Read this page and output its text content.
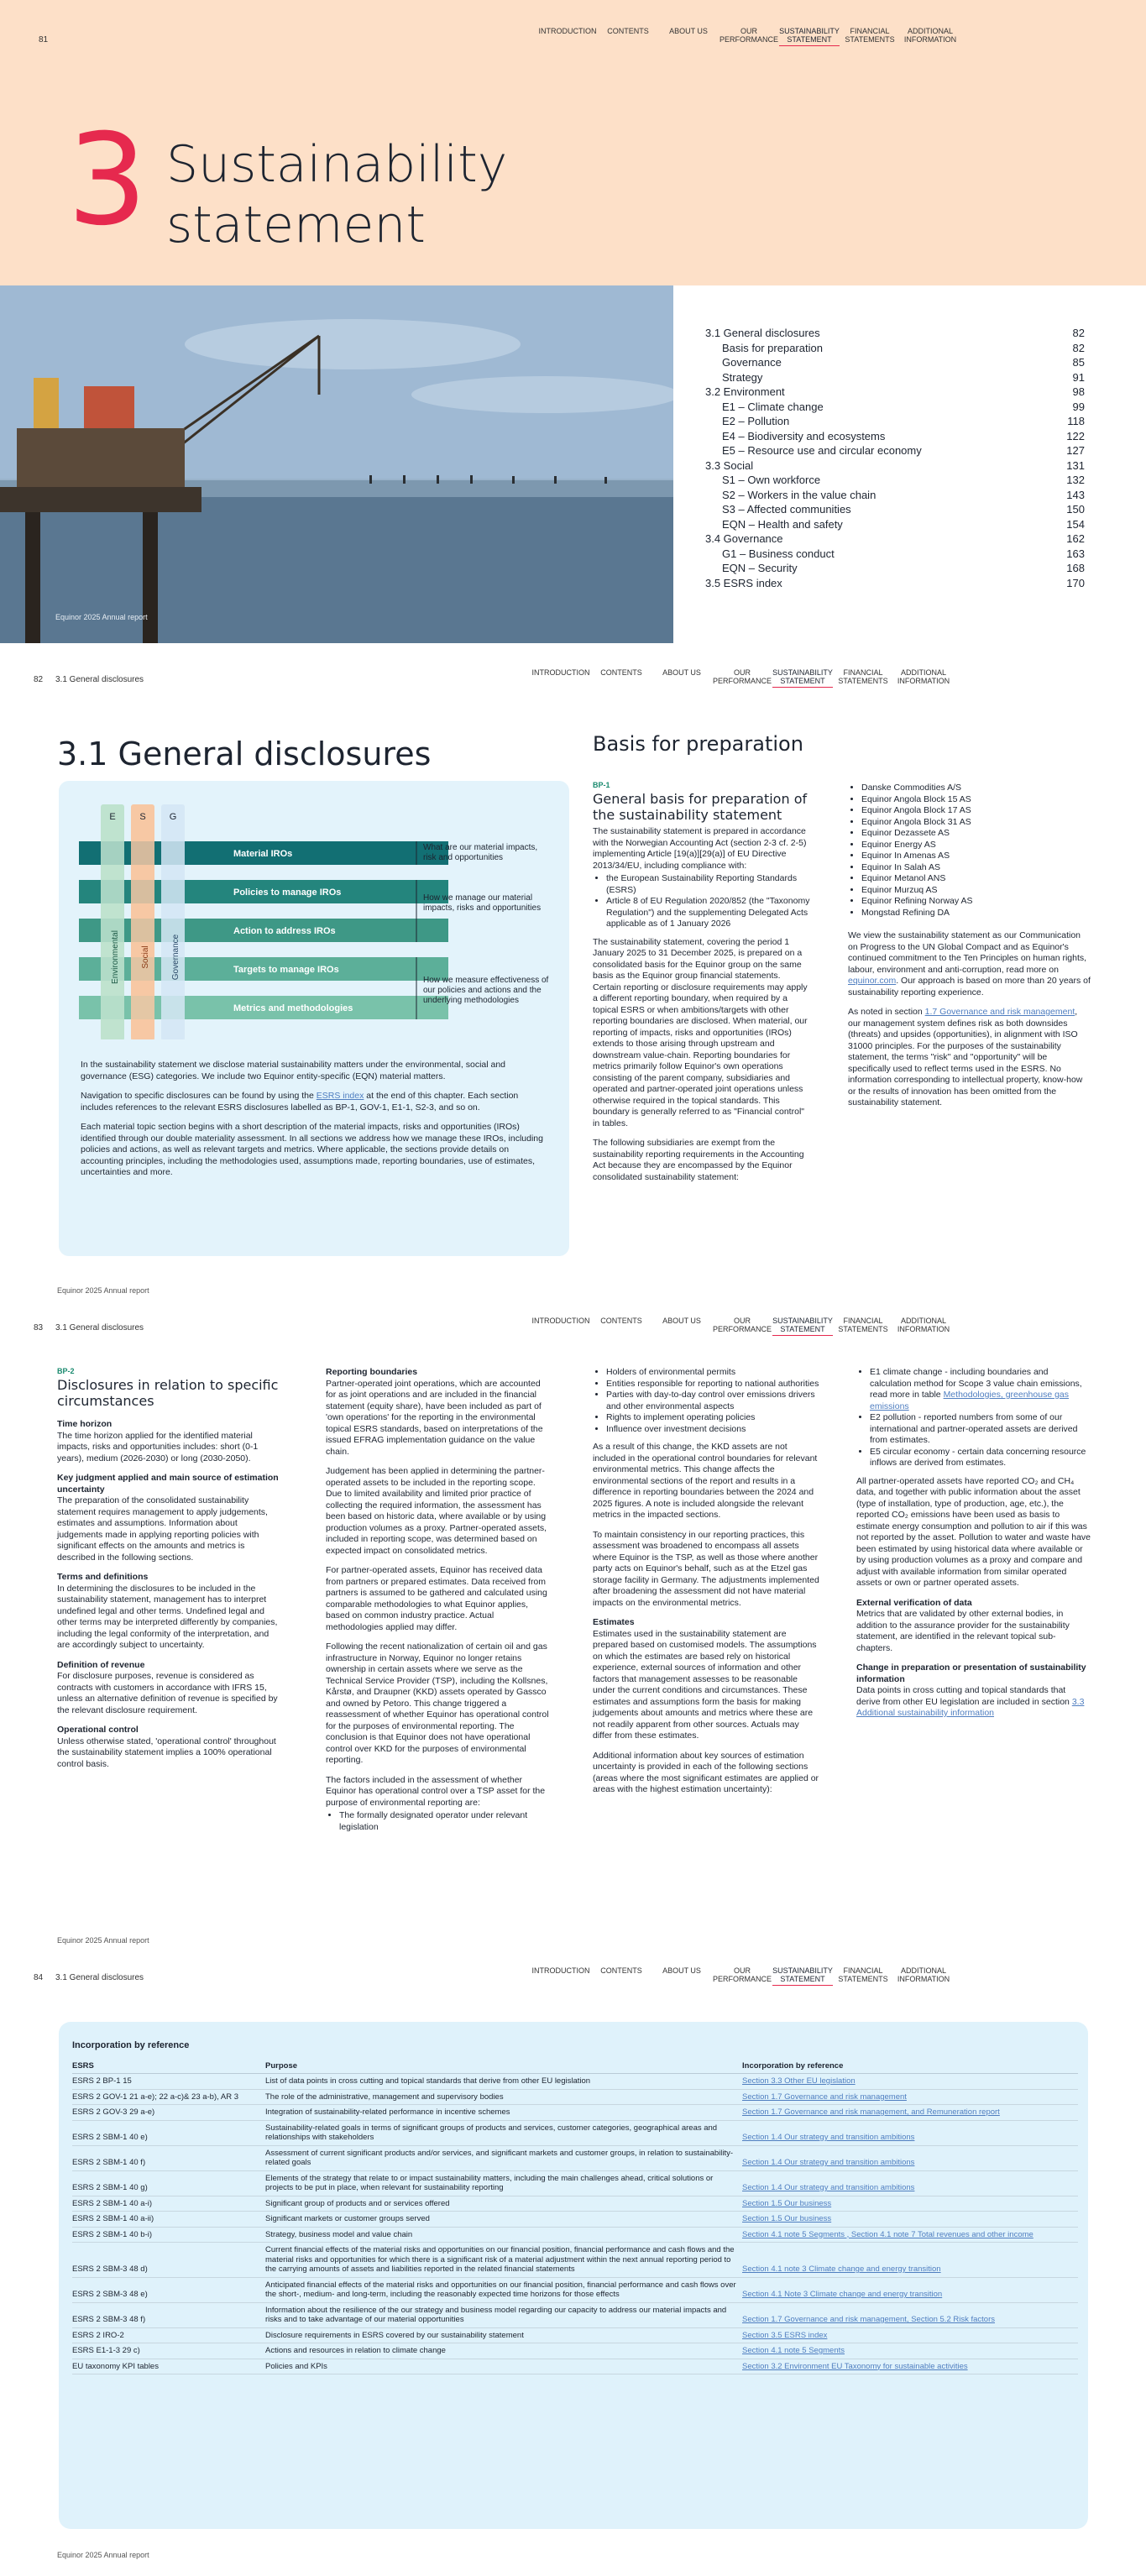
81
INTRODUCTION	CONTENTS	ABOUT US	OUR PERFORMANCE
SUSTAINABILITY STATEMENT
FINANCIAL STATEMENTS
ADDITIONAL INFORMATION
3 Sustainability statement
Equinor 2025 Annual report
3.1 General disclosures	82
Basis for preparation	82
Governance	85
Strategy	91
3.2 Environment	98
E1 – Climate change	99
E2 – Pollution	118
E4 – Biodiversity and ecosystems	122
E5 – Resource use and circular economy	127
3.3 Social	131
S1 – Own workforce	132
S2 – Workers in the value chain	143
S3 – Affected communities	150
EQN – Health and safety	154
3.4 Governance	162
G1 – Business conduct	163
EQN – Security	168
3.5 ESRS index	170
82 3.1 General disclosures
INTRODUCTION	CONTENTS	ABOUT US	OUR PERFORMANCE
SUSTAINABILITY STATEMENT
FINANCIAL STATEMENTS
ADDITIONAL INFORMATION
3.1 General disclosures
E	S	G
Environmental	Social	Governance
Material IROs
Policies to manage IROs
Action to address IROs
Targets to manage IROs
Metrics and methodologies
What are our material impacts, risk and opportunities
How we manage our material impacts, risks and opportunities
How we measure effectiveness of our policies and actions and the underlying methodologies

In the sustainability statement we disclose material sustainability matters under the environmental, social and governance (ESG) categories. We include two Equinor entity-specific (EQN) material matters.

Navigation to specific disclosures can be found by using the ESRS index at the end of this chapter. Each section includes references to the relevant ESRS disclosures labelled as BP-1, GOV-1, E1-1, S2-3, and so on.

Each material topic section begins with a short description of the material impacts, risks and opportunities (IROs) identified through our double materiality assessment. In all sections we address how we manage these IROs, including policies and actions, as well as relevant targets and metrics. Where applicable, the sections provide details on accounting principles, including the methodologies used, assumptions made, reporting boundaries, use of estimates, uncertainties and more.

Equinor 2025 Annual report
Basis for preparation
BP-1
General basis for preparation of the sustainability statement

The sustainability statement is prepared in accordance with the Norwegian Accounting Act (section 2-3 cf. 2-5) implementing Article [19(a)][29(a)] of EU Directive 2013/34/EU, including compliance with:

• the European Sustainability Reporting Standards (ESRS)
• Article 8 of EU Regulation 2020/852 (the "Taxonomy Regulation") and the supplementing Delegated Acts applicable as of 1 January 2026

The sustainability statement, covering the period 1 January 2025 to 31 December 2025, is prepared on a consolidated basis for the Equinor group on the same basis as the Equinor group financial statements. Certain reporting or disclosure requirements may apply a different reporting boundary, when required by a topical ESRS or when ambitions/targets with other reporting boundaries are disclosed. When material, our reporting of impacts, risks and opportunities (IROs) extends to those arising through upstream and downstream value-chain. Reporting boundaries for metrics primarily follow Equinor's own operations consisting of the parent company, subsidiaries and operated and partner-operated joint operations unless otherwise required in the topical standards. This boundary is generally referred to as "Financial control" in tables.

The following subsidiaries are exempt from the sustainability reporting requirements in the Accounting Act because they are encompassed by the Equinor consolidated sustainability statement:

• Danske Commodities A/S
• Equinor Angola Block 15 AS
• Equinor Angola Block 17 AS
• Equinor Angola Block 31 AS
• Equinor Dezassete AS
• Equinor Energy AS
• Equinor In Amenas AS
• Equinor In Salah AS
• Equinor Metanol ANS
• Equinor Murzuq AS
• Equinor Refining Norway AS
• Mongstad Refining DA

We view the sustainability statement as our Communication on Progress to the UN Global Compact and as Equinor's continued commitment to the Ten Principles on human rights, labour, environment and anti-corruption, read more on equinor.com. Our approach is based on more than 20 years of sustainability reporting experience.

As noted in section 1.7 Governance and risk management, our management system defines risk as both downsides (threats) and upsides (opportunities), in alignment with ISO 31000 principles. For the purposes of the sustainability statement, the terms "risk" and "opportunity" will be specifically used to reflect terms used in the ESRS. No information corresponding to intellectual property, know-how or the results of innovation has been omitted from the sustainability statement.

83 3.1 General disclosures
INTRODUCTION	CONTENTS	ABOUT US	OUR PERFORMANCE
SUSTAINABILITY STATEMENT
FINANCIAL STATEMENTS
ADDITIONAL INFORMATION
BP-2
Disclosures in relation to specific circumstances
Time horizon

The time horizon applied for the identified material impacts, risks and opportunities includes: short (0-1 years), medium (2026-2030) or long (2030-2050).

Key judgment applied and main source of estimation uncertainty

The preparation of the consolidated sustainability statement requires management to apply judgements, estimates and assumptions. Information about judgements made in applying reporting policies with significant effects on the amounts and metrics is described in the following sections.

Terms and definitions

In determining the disclosures to be included in the sustainability statement, management has to interpret undefined legal and other terms. Undefined legal and other terms may be interpreted differently by companies, including the legal conformity of the interpretation, and are accordingly subject to uncertainty.

Definition of revenue

For disclosure purposes, revenue is considered as contracts with customers in accordance with IFRS 15, unless an alternative definition of revenue is specified by the relevant disclosure requirement.

Operational control

Unless otherwise stated, 'operational control' throughout the sustainability statement implies a 100% operational control basis.

Reporting boundaries

Partner-operated joint operations, which are accounted for as joint operations and are included in the financial statement (equity share), have been included as part of 'own operations' for the reporting in the environmental topical ESRS standards, based on interpretations of the issued EFRAG implementation guidance on the value chain.

Judgement has been applied in determining the partner-operated assets to be included in the reporting scope. Due to limited availability and limited prior practice of collecting the required information, the assessment has been based on historic data, where available or by using production volumes as a proxy. Partner-operated assets, included in reporting scope, was determined based on expected impact on consolidated metrics.

For partner-operated assets, Equinor has received data from partners or prepared estimates. Data received from partners is assumed to be gathered and calculated using comparable methodologies to what Equinor applies, based on common industry practice. Actual methodologies applied may differ.

Following the recent nationalization of certain oil and gas infrastructure in Norway, Equinor no longer retains ownership in certain assets where we serve as the Technical Service Provider (TSP), including the Kollsnes, Kårstø, and Draupner (KKD) assets operated by Gassco and owned by Petoro. This change triggered a reassessment of whether Equinor has operational control for the purposes of environmental reporting. The conclusion is that Equinor does not have operational control over KKD for the purposes of environmental reporting.

The factors included in the assessment of whether Equinor has operational control over a TSP asset for the purpose of environmental reporting are:

• The formally designated operator under relevant legislation
• Holders of environmental permits
• Entities responsible for reporting to national authorities
• Parties with day-to-day control over emissions drivers and other environmental aspects
• Rights to implement operating policies
• Influence over investment decisions

As a result of this change, the KKD assets are not included in the operational control boundaries for relevant environmental metrics. This change affects the environmental sections of the report and results in a difference in reporting boundaries between the 2024 and 2025 figures. A note is included alongside the relevant metrics in the impacted sections.

To maintain consistency in our reporting practices, this assessment was broadened to encompass all assets where Equinor is the TSP, as well as those where another party acts on Equinor's behalf, such as at the Etzel gas storage facility in Germany. The adjustments implemented after broadening the assessment did not have material impacts on the environmental metrics.

Estimates

Estimates used in the sustainability statement are prepared based on customised models. The assumptions on which the estimates are based rely on historical experience, external sources of information and other factors that management assesses to be reasonable under the current conditions and circumstances. These estimates and assumptions form the basis for making judgements about amounts and metrics where these are not readily apparent from other sources. Actuals may differ from these estimates.

Additional information about key sources of estimation uncertainty is provided in each of the following sections (areas where the most significant estimates are applied or areas with the highest estimation uncertainty):

• E1 climate change - including boundaries and calculation method for Scope 3 value chain emissions, read more in table Methodologies, greenhouse gas emissions
• E2 pollution - reported numbers from some of our international and partner-operated assets are derived from estimates.
• E5 circular economy - certain data concerning resource inflows are derived from estimates.

All partner-operated assets have reported CO₂ and CH₄ data, and together with public information about the asset (type of installation, type of production, age, etc.), the reported CO₂ emissions have been used as basis to estimate energy consumption and pollution to air if this was not reported by the asset. Pollution to water and waste have been estimated by using historical data where available or by using production volumes as a proxy and compare and adjust with available information from similar operated assets or own or partner operated assets.

External verification of data

Metrics that are validated by other external bodies, in addition to the assurance provider for the sustainability statement, are identified in the relevant topical sub-chapters.

Change in preparation or presentation of sustainability information

Data points in cross cutting and topical standards that derive from other EU legislation are included in section 3.3 Additional sustainability information

Equinor 2025 Annual report
84 3.1 General disclosures
INTRODUCTION	CONTENTS	ABOUT US	OUR PERFORMANCE
SUSTAINABILITY STATEMENT
FINANCIAL STATEMENTS
ADDITIONAL INFORMATION
Incorporation by reference
ESRS	Purpose	Incorporation by reference
ESRS 2 BP-1 15	List of data points in cross cutting and topical standards that derive from other EU legislation	Section 3.3 Other EU legislation
ESRS 2 GOV-1 21 a-e); 22 a-c)& 23 a-b), AR 3	The role of the administrative, management and supervisory bodies	Section 1.7 Governance and risk management
ESRS 2 GOV-3 29 a-e)	Integration of sustainability-related performance in incentive schemes	Section 1.7 Governance and risk management, and Remuneration report
ESRS 2 SBM-1 40 e)	Sustainability-related goals in terms of significant groups of products and services, customer categories, geographical areas and relationships with stakeholders	Section 1.4 Our strategy and transition ambitions
ESRS 2 SBM-1 40 f)	Assessment of current significant products and/or services, and significant markets and customer groups, in relation to sustainability-related goals	Section 1.4 Our strategy and transition ambitions
ESRS 2 SBM-1 40 g)	Elements of the strategy that relate to or impact sustainability matters, including the main challenges ahead, critical solutions or projects to be put in place, when relevant for sustainability reporting	Section 1.4 Our strategy and transition ambitions
ESRS 2 SBM-1 40 a-i)	Significant group of products and or services offered	Section 1.5 Our business
ESRS 2 SBM-1 40 a-ii)	Significant markets or customer groups served	Section 1.5 Our business
ESRS 2 SBM-1 40 b-i)	Strategy, business model and value chain	Section 4.1 note 5 Segments , Section 4.1 note 7 Total revenues and other income
ESRS 2 SBM-3 48 d)	Current financial effects of the material risks and opportunities on our financial position, financial performance and cash flows and the material risks and opportunities for which there is a significant risk of a material adjustment within the next annual reporting period to the carrying amounts of assets and liabilities reported in the related financial statements	Section 4.1 note 3 Climate change and energy transition
ESRS 2 SBM-3 48 e)	Anticipated financial effects of the material risks and opportunities on our financial position, financial performance and cash flows over the short-, medium- and long-term, including the reasonably expected time horizons for those effects	Section 4.1 Note 3 Climate change and energy transition
ESRS 2 SBM-3 48 f)	Information about the resilience of the our strategy and business model regarding our capacity to address our material impacts and risks and to take advantage of our material opportunities	Section 1.7 Governance and risk management, Section 5.2 Risk factors
ESRS 2 IRO-2	Disclosure requirements in ESRS covered by our sustainability statement	Section 3.5 ESRS index
ESRS E1-1-3 29 c)	Actions and resources in relation to climate change	Section 4.1 note 5 Segments
EU taxonomy KPI tables	Policies and KPIs	Section 3.2 Environment EU Taxonomy for sustainable activities
Equinor 2025 Annual report
